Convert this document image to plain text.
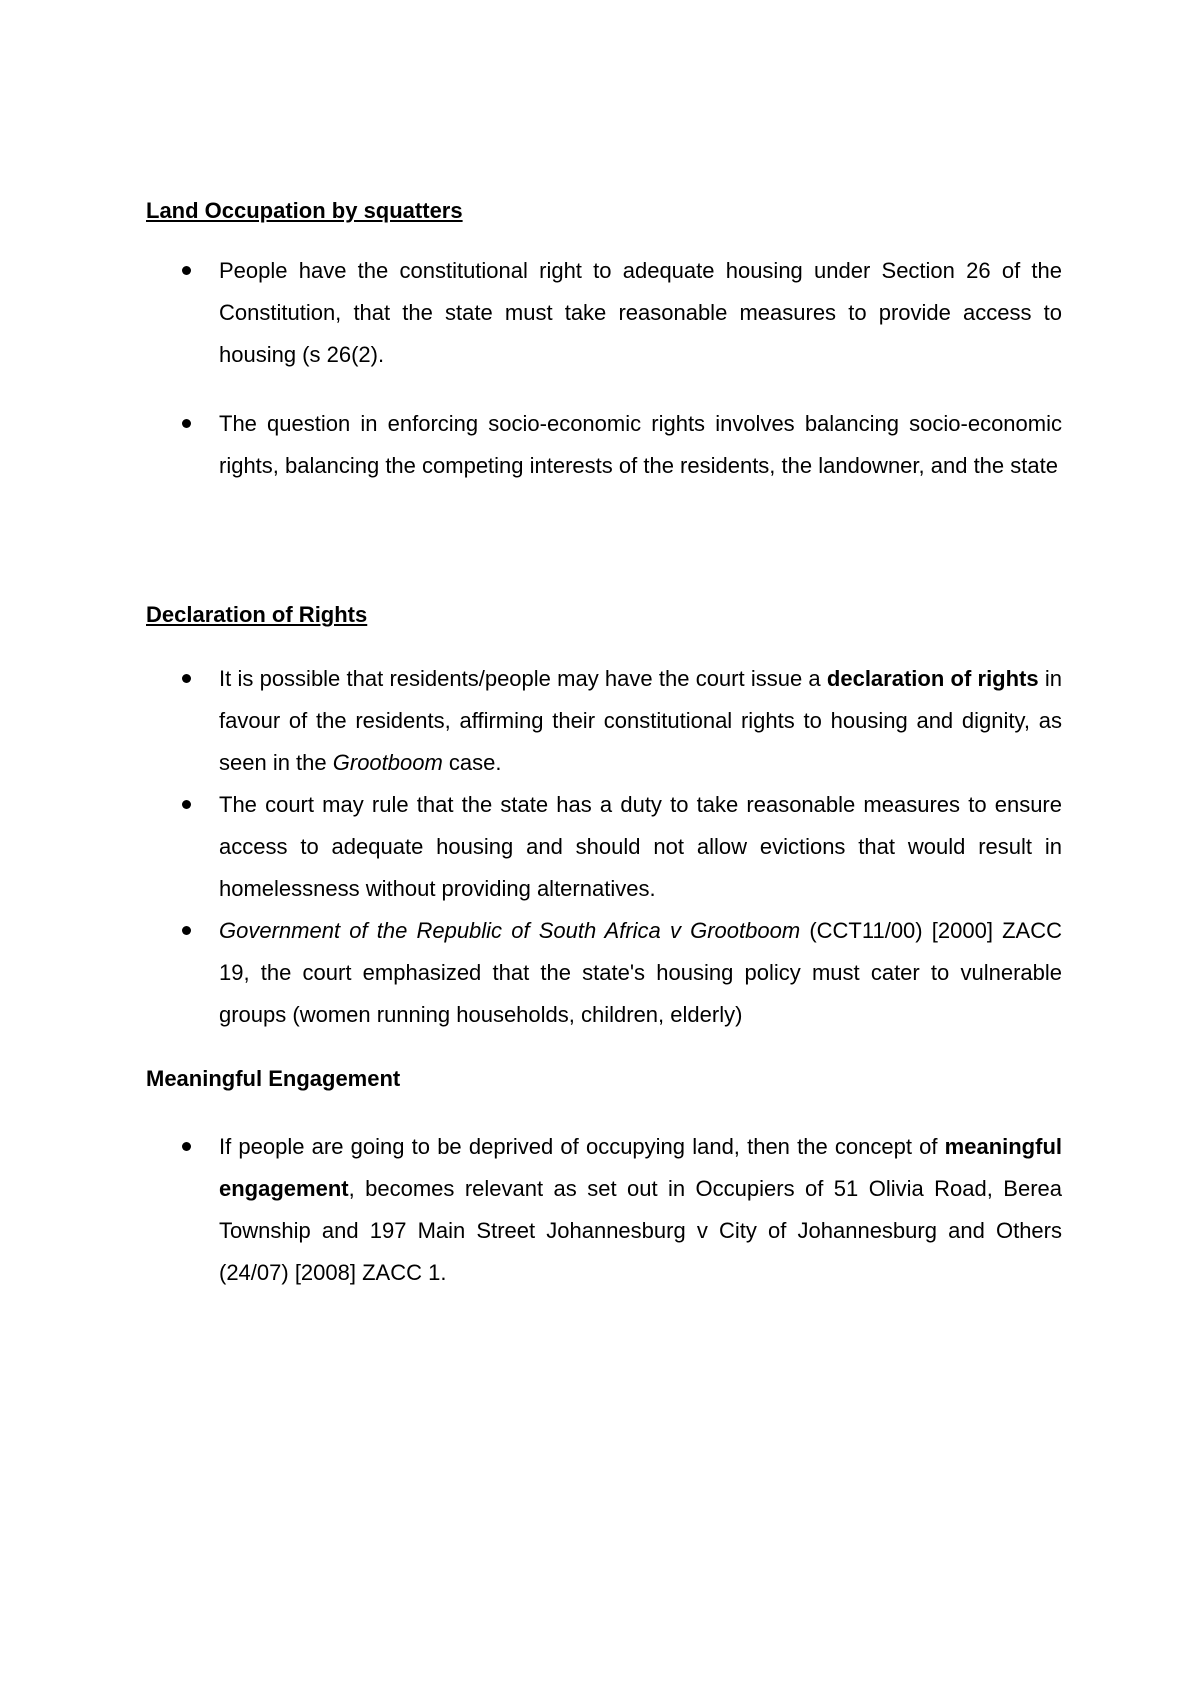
Land Occupation by squatters
People have the constitutional right to adequate housing under Section 26 of the Constitution, that the state must take reasonable measures to provide access to housing (s 26(2).
The question in enforcing socio-economic rights involves balancing socio-economic rights, balancing the competing interests of the residents, the landowner, and the state
Declaration of Rights
It is possible that residents/people may have the court issue a declaration of rights in favour of the residents, affirming their constitutional rights to housing and dignity, as seen in the Grootboom case.
The court may rule that the state has a duty to take reasonable measures to ensure access to adequate housing and should not allow evictions that would result in homelessness without providing alternatives.
Government of the Republic of South Africa v Grootboom (CCT11/00) [2000] ZACC 19, the court emphasized that the state's housing policy must cater to vulnerable groups (women running households, children, elderly)
Meaningful Engagement
If people are going to be deprived of occupying land, then the concept of meaningful engagement, becomes relevant as set out in Occupiers of 51 Olivia Road, Berea Township and 197 Main Street Johannesburg v City of Johannesburg and Others (24/07) [2008] ZACC 1.
